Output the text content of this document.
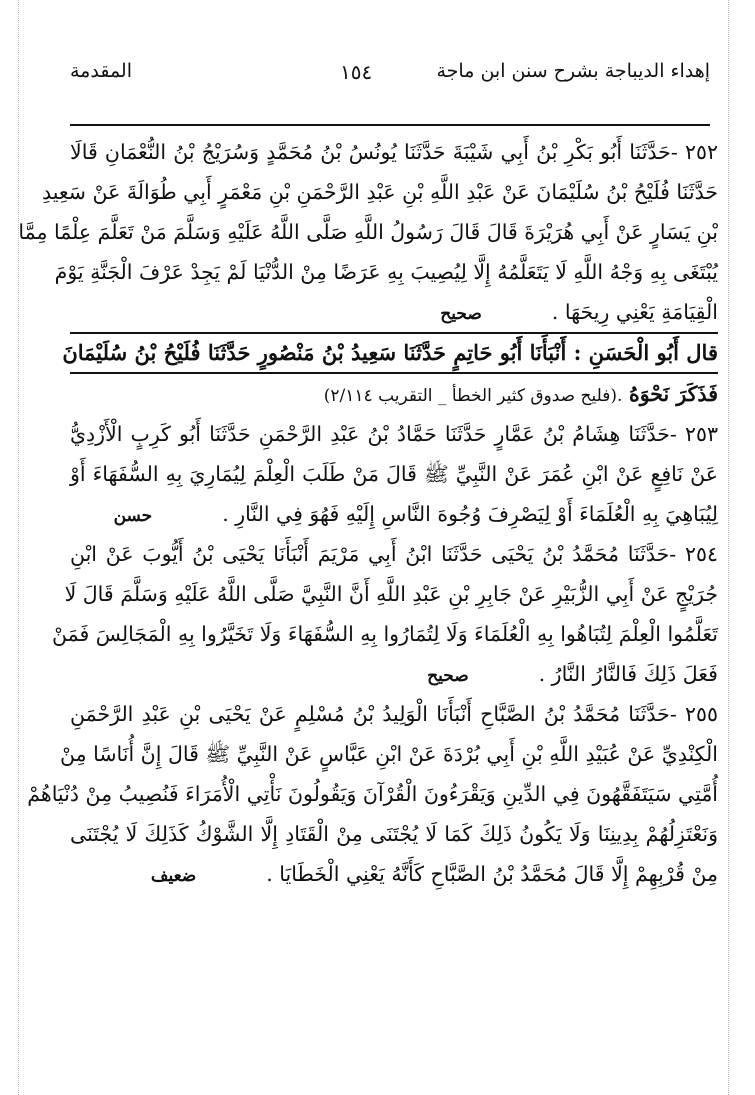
إهداء الديباجة بشرح سنن ابن ماجة
١٥٤
المقدمة
٢٥٢ -حَدَّثَنَا أَبُو بَكْرِ بْنُ أَبِي شَيْبَةَ حَدَّثَنَا يُونُسُ بْنُ مُحَمَّدٍ وَسُرَيْجُ بْنُ النُّعْمَانِ قَالَا
حَدَّثَنَا فُلَيْحُ بْنُ سُلَيْمَانَ عَنْ عَبْدِ اللَّهِ بْنِ عَبْدِ الرَّحْمَنِ بْنِ مَعْمَرٍ أَبِي طُوَالَةَ عَنْ سَعِيدِ
بْنِ يَسَارٍ عَنْ أَبِي هُرَيْرَةَ قَالَ قَالَ رَسُولُ اللَّهِ صَلَّى اللَّهُ عَلَيْهِ وَسَلَّمَ مَنْ تَعَلَّمَ عِلْمًا مِمَّا
يُبْتَغَى بِهِ وَجْهُ اللَّهِ لَا يَتَعَلَّمُهُ إِلَّا لِيُصِيبَ بِهِ عَرَضًا مِنْ الدُّنْيَا لَمْ يَجِدْ عَرْفَ الْجَنَّةِ يَوْمَ
الْقِيَامَةِ يَعْنِي رِيحَهَا .صحيح
قال أَبُو الْحَسَنِ : أَنْبَأَنَا أَبُو حَاتِمٍ حَدَّثَنَا سَعِيدُ بْنُ مَنْصُورٍ حَدَّثَنَا فُلَيْحُ بْنُ سُلَيْمَانَ
فَذَكَرَ نَحْوَهُ .(فليح صدوق كثير الخطأ _ التقريب ٢/١١٤)
٢٥٣ -حَدَّثَنَا هِشَامُ بْنُ عَمَّارٍ حَدَّثَنَا حَمَّادُ بْنُ عَبْدِ الرَّحْمَنِ حَدَّثَنَا أَبُو كَرِبٍ الْأَزْدِيُّ
عَنْ نَافِعٍ عَنْ ابْنِ عُمَرَ عَنْ النَّبِيِّ ﷺ قَالَ مَنْ طَلَبَ الْعِلْمَ لِيُمَارِيَ بِهِ السُّفَهَاءَ أَوْ
لِيُبَاهِيَ بِهِ الْعُلَمَاءَ أَوْ لِيَصْرِفَ وُجُوهَ النَّاسِ إِلَيْهِ فَهُوَ فِي النَّارِ .حسن
٢٥٤ -حَدَّثَنَا مُحَمَّدُ بْنُ يَحْيَى حَدَّثَنَا ابْنُ أَبِي مَرْيَمَ أَنْبَأَنَا يَحْيَى بْنُ أَيُّوبَ عَنْ ابْنِ
جُرَيْجٍ عَنْ أَبِي الزُّبَيْرِ عَنْ جَابِرِ بْنِ عَبْدِ اللَّهِ أَنَّ النَّبِيَّ صَلَّى اللَّهُ عَلَيْهِ وَسَلَّمَ قَالَ لَا
تَعَلَّمُوا الْعِلْمَ لِتُبَاهُوا بِهِ الْعُلَمَاءَ وَلَا لِتُمَارُوا بِهِ السُّفَهَاءَ وَلَا تَخَيَّرُوا بِهِ الْمَجَالِسَ فَمَنْ
فَعَلَ ذَلِكَ فَالنَّارُ النَّارُ .صحيح
٢٥٥ -حَدَّثَنَا مُحَمَّدُ بْنُ الصَّبَّاحِ أَنْبَأَنَا الْوَلِيدُ بْنُ مُسْلِمٍ عَنْ يَحْيَى بْنِ عَبْدِ الرَّحْمَنِ
الْكِنْدِيِّ عَنْ عُبَيْدِ اللَّهِ بْنِ أَبِي بُرْدَةَ عَنْ ابْنِ عَبَّاسٍ عَنْ النَّبِيِّ ﷺ قَالَ إِنَّ أُنَاسًا مِنْ
أُمَّتِي سَيَتَفَقَّهُونَ فِي الدِّينِ وَيَقْرَءُونَ الْقُرْآنَ وَيَقُولُونَ نَأْتِي الْأُمَرَاءَ فَنُصِيبُ مِنْ دُنْيَاهُمْ
وَنَعْتَزِلُهُمْ بِدِينِنَا وَلَا يَكُونُ ذَلِكَ كَمَا لَا يُجْتَنَى مِنْ الْقَتَادِ إِلَّا الشَّوْكُ كَذَلِكَ لَا يُجْتَنَى
مِنْ قُرْبِهِمْ إِلَّا قَالَ مُحَمَّدُ بْنُ الصَّبَّاحِ كَأَنَّهُ يَعْنِي الْخَطَايَا .ضعيف
